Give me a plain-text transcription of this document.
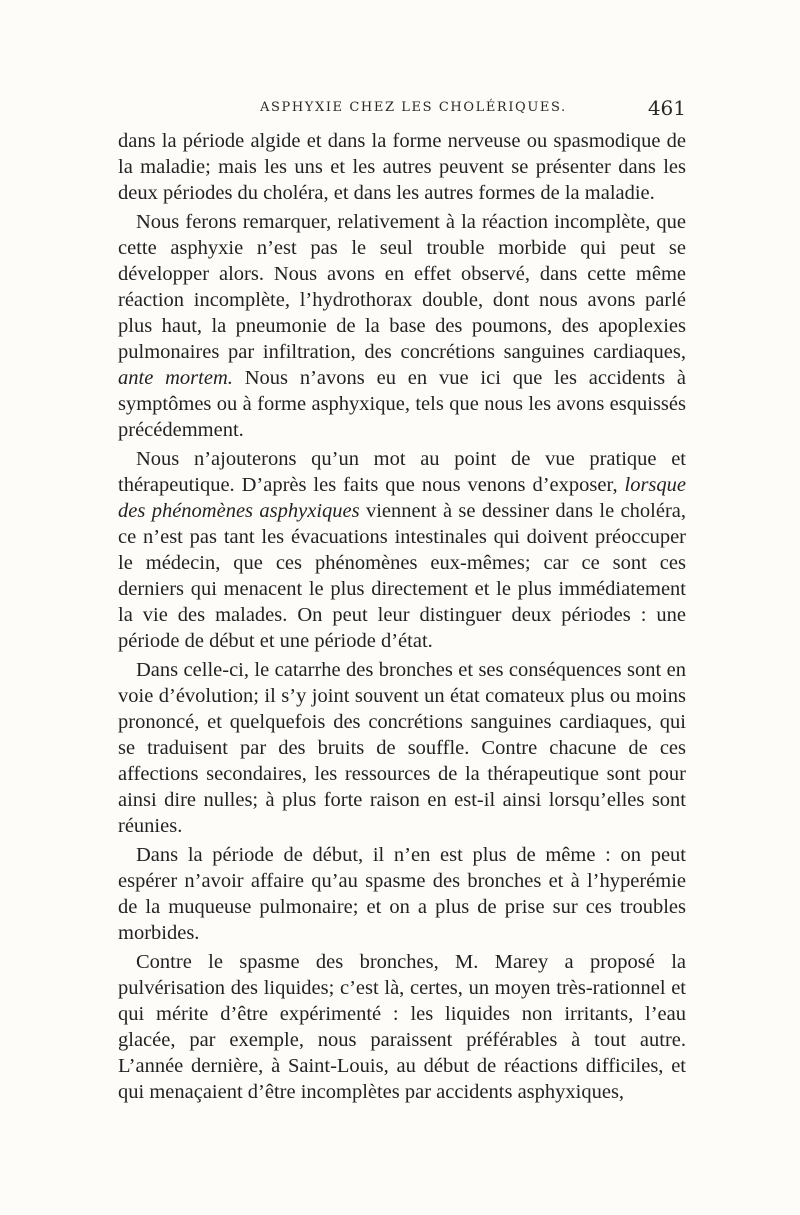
ASPHYXIE CHEZ LES CHOLÉRIQUES.	461

dans la période algide et dans la forme nerveuse ou spasmodique de la maladie; mais les uns et les autres peuvent se présenter dans les deux périodes du choléra, et dans les autres formes de la maladie.

Nous ferons remarquer, relativement à la réaction incomplète, que cette asphyxie n’est pas le seul trouble morbide qui peut se développer alors. Nous avons en effet observé, dans cette même réaction incomplète, l’hydrothorax double, dont nous avons parlé plus haut, la pneumonie de la base des poumons, des apoplexies pulmonaires par infiltration, des concrétions sanguines cardiaques, ante mortem. Nous n’avons eu en vue ici que les accidents à symptômes ou à forme asphyxique, tels que nous les avons esquissés précédemment.

Nous n’ajouterons qu’un mot au point de vue pratique et thérapeutique. D’après les faits que nous venons d’exposer, lorsque des phénomènes asphyxiques viennent à se dessiner dans le choléra, ce n’est pas tant les évacuations intestinales qui doivent préoccuper le médecin, que ces phénomènes eux-mêmes; car ce sont ces derniers qui menacent le plus directement et le plus immédiatement la vie des malades. On peut leur distinguer deux périodes : une période de début et une période d’état.

Dans celle-ci, le catarrhe des bronches et ses conséquences sont en voie d’évolution; il s’y joint souvent un état comateux plus ou moins prononcé, et quelquefois des concrétions sanguines cardiaques, qui se traduisent par des bruits de souffle. Contre chacune de ces affections secondaires, les ressources de la thérapeutique sont pour ainsi dire nulles; à plus forte raison en est-il ainsi lorsqu’elles sont réunies.

Dans la période de début, il n’en est plus de même : on peut espérer n’avoir affaire qu’au spasme des bronches et à l’hyperémie de la muqueuse pulmonaire; et on a plus de prise sur ces troubles morbides.

Contre le spasme des bronches, M. Marey a proposé la pulvérisation des liquides; c’est là, certes, un moyen très-rationnel et qui mérite d’être expérimenté : les liquides non irritants, l’eau glacée, par exemple, nous paraissent préférables à tout autre. L’année dernière, à Saint-Louis, au début de réactions difficiles, et qui menaçaient d’être incomplètes par accidents asphyxiques,
